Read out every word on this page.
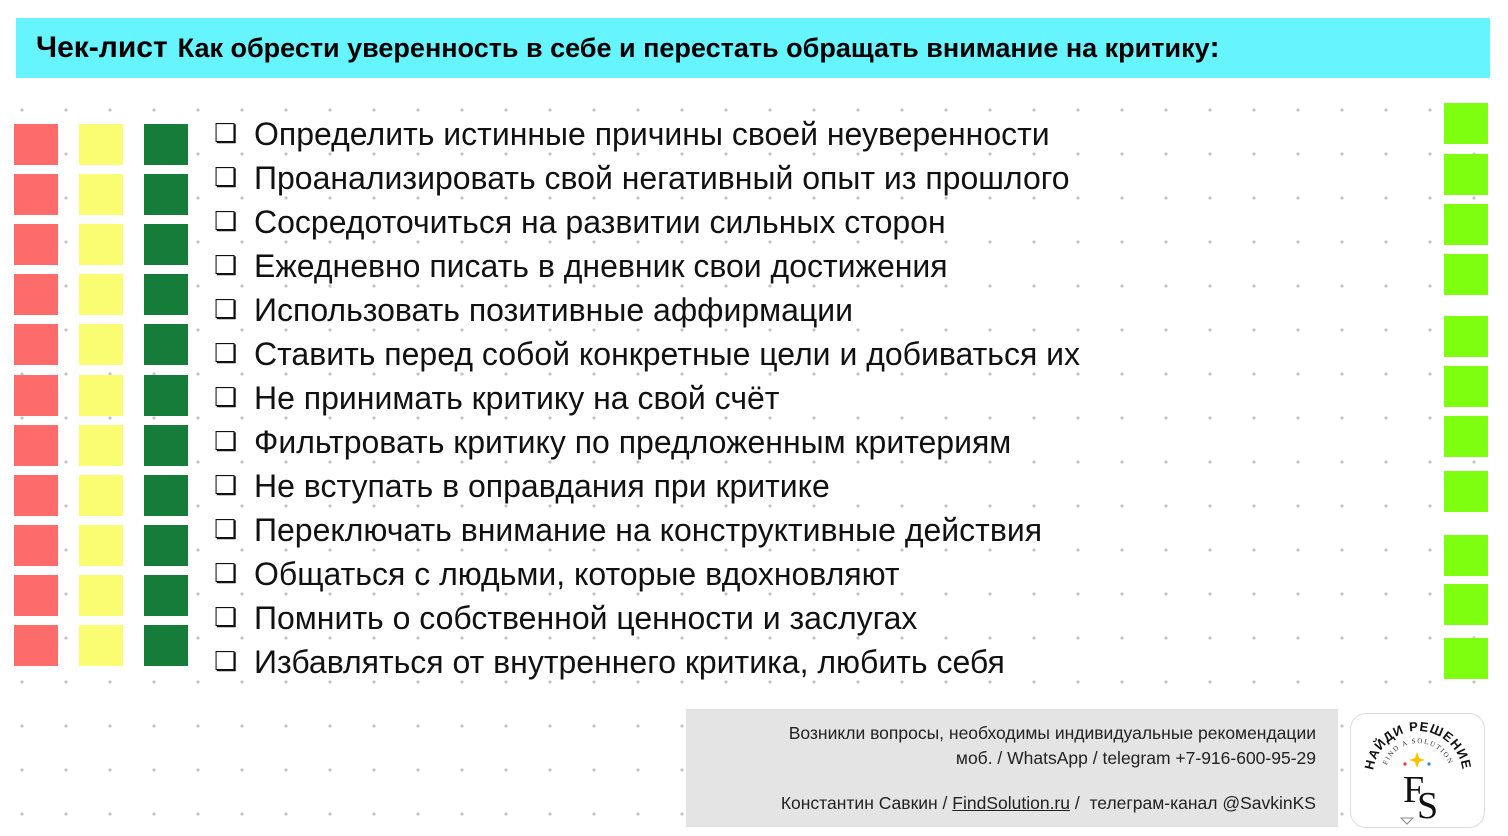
Чек-лист Как обрести уверенность в себе и перестать обращать внимание на критику :
❏ Определить истинные причины своей неуверенности
❏ Проанализировать свой негативный опыт из прошлого
❏ Сосредоточиться на развитии сильных сторон
❏ Ежедневно писать в дневник свои достижения
❏ Использовать позитивные аффирмации
❏ Ставить перед собой конкретные цели и добиваться их
❏ Не принимать критику на свой счёт
❏ Фильтровать критику по предложенным критериям
❏ Не вступать в оправдания при критике
❏ Переключать внимание на конструктивные действия
❏ Общаться с людьми, которые вдохновляют
❏ Помнить о собственной ценности и заслугах
❏ Избавляться от внутреннего критика, любить себя
Возникли вопросы, необходимы индивидуальные рекомендации
моб. / WhatsApp / telegram +7-916-600-95-29
Константин Савкин / FindSolution.ru / телеграм-канал @SavkinKS
НАЙДИ РЕШЕНИЕ
FIND A SOLUTION
F
S
